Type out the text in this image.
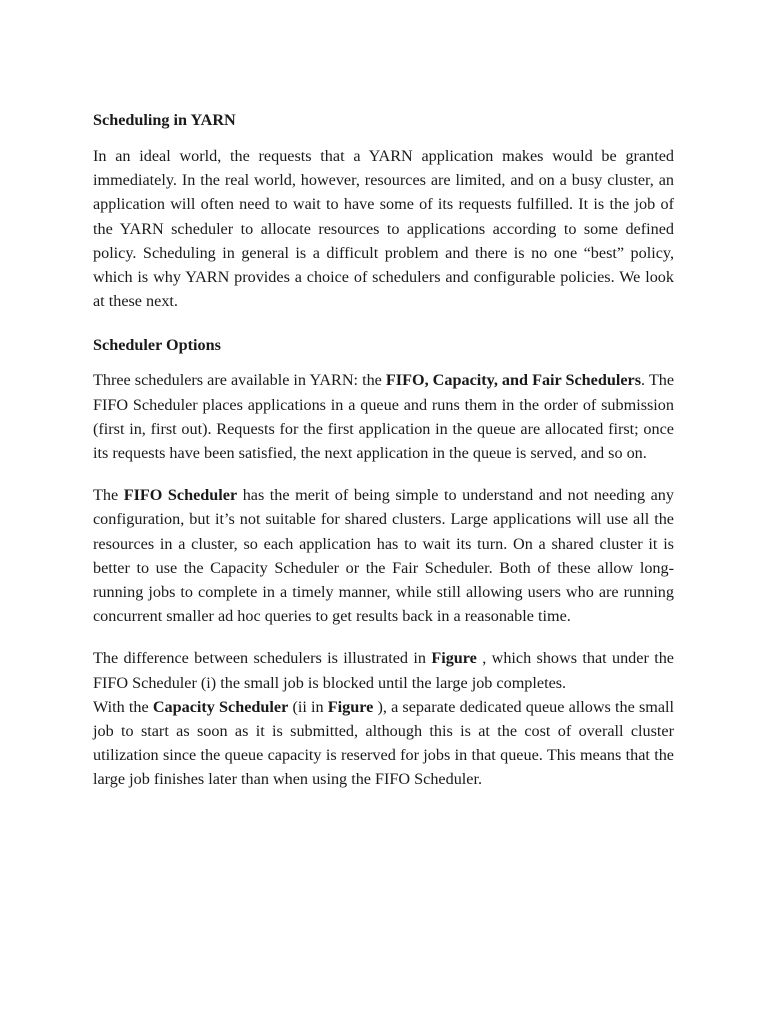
Scheduling in YARN

In an ideal world, the requests that a YARN application makes would be granted immediately. In the real world, however, resources are limited, and on a busy cluster, an application will often need to wait to have some of its requests fulfilled. It is the job of the YARN scheduler to allocate resources to applications according to some defined policy. Scheduling in general is a difficult problem and there is no one “best” policy, which is why YARN provides a choice of schedulers and configurable policies. We look at these next.

Scheduler Options

Three schedulers are available in YARN: the FIFO, Capacity, and Fair Schedulers. The FIFO Scheduler places applications in a queue and runs them in the order of submission (first in, first out). Requests for the first application in the queue are allocated first; once its requests have been satisfied, the next application in the queue is served, and so on.

The FIFO Scheduler has the merit of being simple to understand and not needing any configuration, but it’s not suitable for shared clusters. Large applications will use all the resources in a cluster, so each application has to wait its turn. On a shared cluster it is better to use the Capacity Scheduler or the Fair Scheduler. Both of these allow long-running jobs to complete in a timely manner, while still allowing users who are running concurrent smaller ad hoc queries to get results back in a reasonable time.

The difference between schedulers is illustrated in Figure , which shows that under the FIFO Scheduler (i) the small job is blocked until the large job completes.

With the Capacity Scheduler (ii in Figure ), a separate dedicated queue allows the small job to start as soon as it is submitted, although this is at the cost of overall cluster utilization since the queue capacity is reserved for jobs in that queue. This means that the large job finishes later than when using the FIFO Scheduler.
